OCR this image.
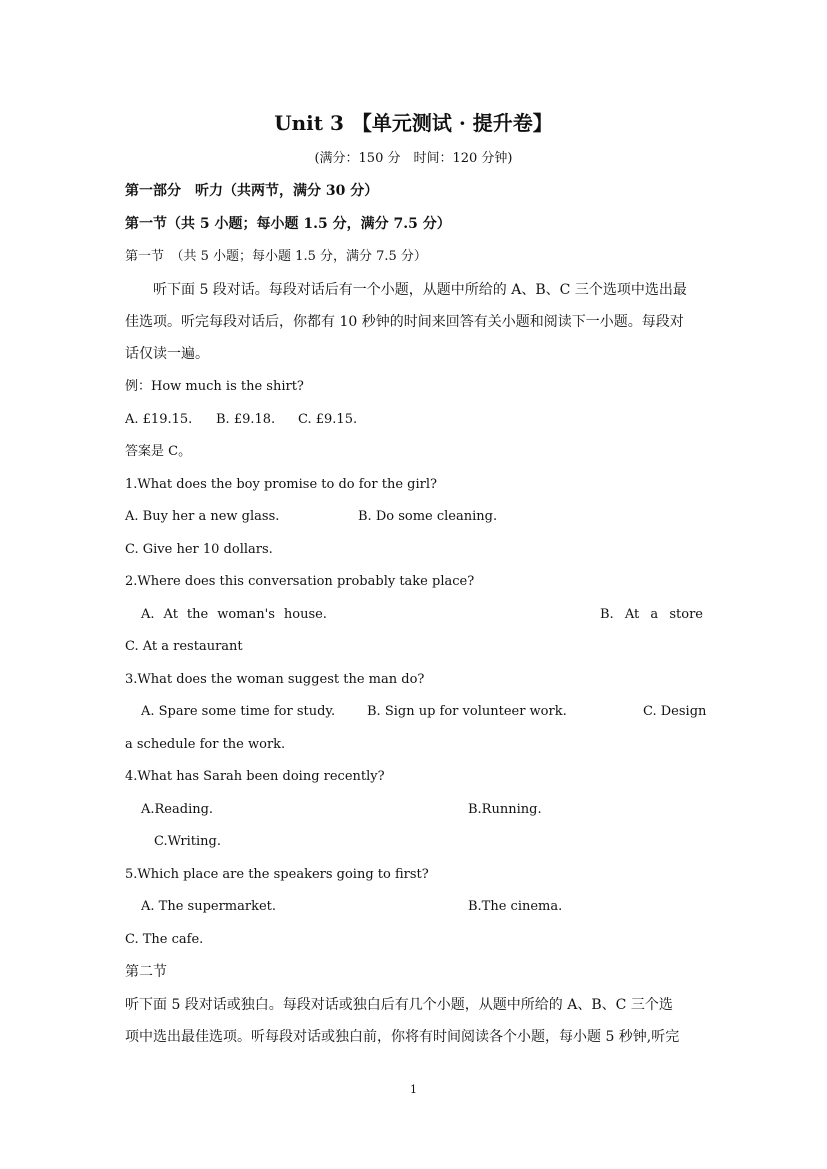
Unit 3 【单元测试 · 提升卷】
(满分：150 分　时间：120 分钟)
第一部分　听力（共两节，满分 30 分）
第一节（共 5 小题；每小题 1.5 分，满分 7.5 分）
第一节　（共 5 小题；每小题 1.5 分，满分 7.5 分）
听下面 5 段对话。每段对话后有一个小题，从题中所给的 A、B、C 三个选项中选出最
佳选项。听完每段对话后，你都有 10 秒钟的时间来回答有关小题和阅读下一小题。每段对
话仅读一遍。
例：How much is the shirt?
A. £19.15. B. £9.18. C. £9.15.
答案是 C。
1.What does the boy promise to do for the girl?
A. Buy her a new glass.	B. Do some cleaning.
C. Give her 10 dollars.
2.Where does this conversation probably take place?
A. At the woman's house.	B. At a store
C. At a restaurant
3.What does the woman suggest the man do?
A. Spare some time for study. B. Sign up for volunteer work.	C. Design
a schedule for the work.
4.What has Sarah been doing recently?
A.Reading.	B.Running.
C.Writing.
5.Which place are the speakers going to first?
A. The supermarket.	B.The cinema.
C. The cafe.
第二节
听下面 5 段对话或独白。每段对话或独白后有几个小题，从题中所给的 A、B、C 三个选
项中选出最佳选项。听每段对话或独白前，你将有时间阅读各个小题，每小题 5 秒钟,听完
1
